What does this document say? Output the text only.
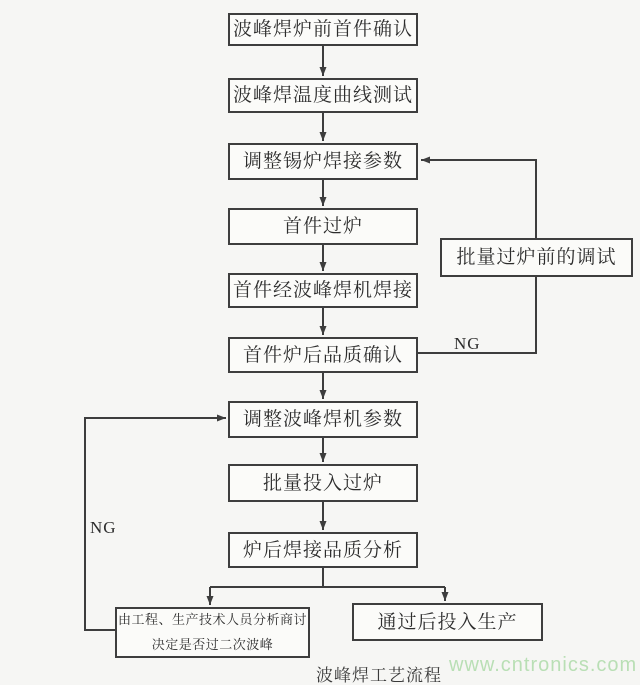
波峰焊炉前首件确认
波峰焊温度曲线测试
调整锡炉焊接参数
首件过炉
首件经波峰焊机焊接
首件炉后品质确认
调整波峰焊机参数
批量投入过炉
炉后焊接品质分析
批量过炉前的调试
由工程、生产技术人员分析商讨
决定是否过二次波峰
通过后投入生产
NG
NG
波峰焊工艺流程 www.cntronics.com
